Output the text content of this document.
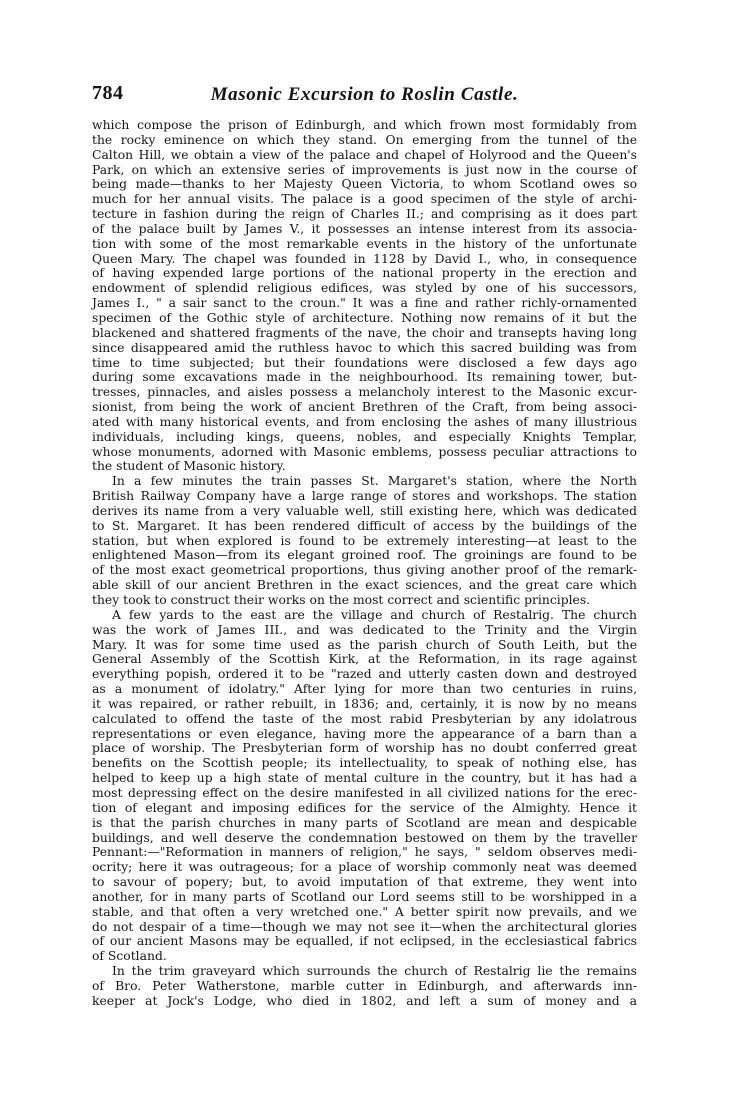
784	Masonic Excursion to Roslin Castle.

which compose the prison of Edinburgh, and which frown most formidably from

the rocky eminence on which they stand. On emerging from the tunnel of the

Calton Hill, we obtain a view of the palace and chapel of Holyrood and the Queen's

Park, on which an extensive series of improvements is just now in the course of

being made—thanks to her Majesty Queen Victoria, to whom Scotland owes so

much for her annual visits. The palace is a good specimen of the style of archi-

tecture in fashion during the reign of Charles II.; and comprising as it does part

of the palace built by James V., it possesses an intense interest from its associa-

tion with some of the most remarkable events in the history of the unfortunate

Queen Mary. The chapel was founded in 1128 by David I., who, in consequence

of having expended large portions of the national property in the erection and

endowment of splendid religious edifices, was styled by one of his successors,

James I., " a sair sanct to the croun." It was a fine and rather richly-ornamented

specimen of the Gothic style of architecture. Nothing now remains of it but the

blackened and shattered fragments of the nave, the choir and transepts having long

since disappeared amid the ruthless havoc to which this sacred building was from

time to time subjected; but their foundations were disclosed a few days ago

during some excavations made in the neighbourhood. Its remaining tower, but-

tresses, pinnacles, and aisles possess a melancholy interest to the Masonic excur-

sionist, from being the work of ancient Brethren of the Craft, from being associ-

ated with many historical events, and from enclosing the ashes of many illustrious

individuals, including kings, queens, nobles, and especially Knights Templar,

whose monuments, adorned with Masonic emblems, possess peculiar attractions to

the student of Masonic history.

In a few minutes the train passes St. Margaret's station, where the North

British Railway Company have a large range of stores and workshops. The station

derives its name from a very valuable well, still existing here, which was dedicated

to St. Margaret. It has been rendered difficult of access by the buildings of the

station, but when explored is found to be extremely interesting—at least to the

enlightened Mason—from its elegant groined roof. The groinings are found to be

of the most exact geometrical proportions, thus giving another proof of the remark-

able skill of our ancient Brethren in the exact sciences, and the great care which

they took to construct their works on the most correct and scientific principles.

A few yards to the east are the village and church of Restalrig. The church

was the work of James III., and was dedicated to the Trinity and the Virgin

Mary. It was for some time used as the parish church of South Leith, but the

General Assembly of the Scottish Kirk, at the Reformation, in its rage against

everything popish, ordered it to be "razed and utterly casten down and destroyed

as a monument of idolatry." After lying for more than two centuries in ruins,

it was repaired, or rather rebuilt, in 1836; and, certainly, it is now by no means

calculated to offend the taste of the most rabid Presbyterian by any idolatrous

representations or even elegance, having more the appearance of a barn than a

place of worship. The Presbyterian form of worship has no doubt conferred great

benefits on the Scottish people; its intellectuality, to speak of nothing else, has

helped to keep up a high state of mental culture in the country, but it has had a

most depressing effect on the desire manifested in all civilized nations for the erec-

tion of elegant and imposing edifices for the service of the Almighty. Hence it

is that the parish churches in many parts of Scotland are mean and despicable

buildings, and well deserve the condemnation bestowed on them by the traveller

Pennant:—"Reformation in manners of religion," he says, " seldom observes medi-

ocrity; here it was outrageous; for a place of worship commonly neat was deemed

to savour of popery; but, to avoid imputation of that extreme, they went into

another, for in many parts of Scotland our Lord seems still to be worshipped in a

stable, and that often a very wretched one." A better spirit now prevails, and we

do not despair of a time—though we may not see it—when the architectural glories

of our ancient Masons may be equalled, if not eclipsed, in the ecclesiastical fabrics

of Scotland.

In the trim graveyard which surrounds the church of Restalrig lie the remains

of Bro. Peter Watherstone, marble cutter in Edinburgh, and afterwards inn-

keeper at Jock's Lodge, who died in 1802, and left a sum of money and a
